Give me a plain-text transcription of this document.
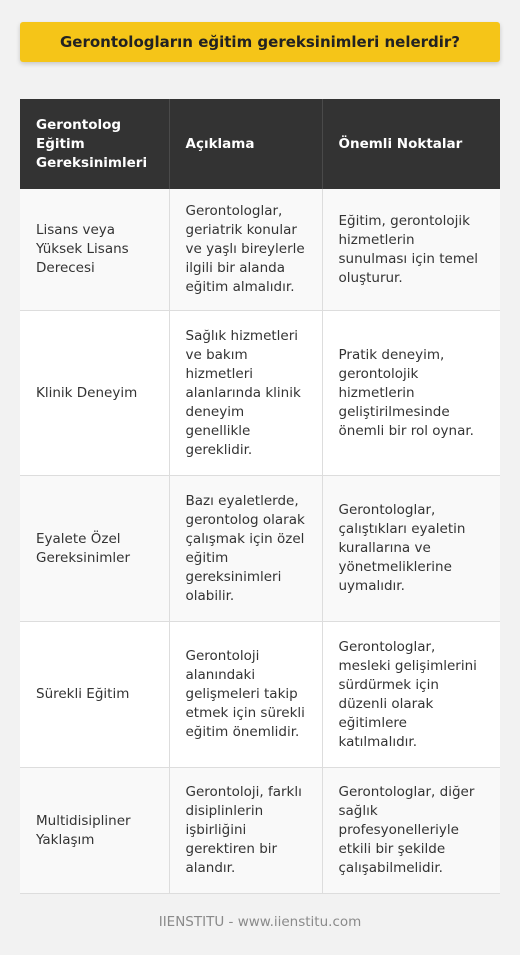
Gerontologların eğitim gereksinimleri nelerdir?
Gerontolog Eğitim Gereksinimleri	Açıklama	Önemli Noktalar
Lisans veya Yüksek Lisans Derecesi	Gerontologlar, geriatrik konular ve yaşlı bireylerle ilgili bir alanda eğitim almalıdır.	Eğitim, gerontolojik hizmetlerin sunulması için temel oluşturur.
Klinik Deneyim	Sağlık hizmetleri ve bakım hizmetleri alanlarında klinik deneyim genellikle gereklidir.	Pratik deneyim, gerontolojik hizmetlerin geliştirilmesinde önemli bir rol oynar.
Eyalete Özel Gereksinimler	Bazı eyaletlerde, gerontolog olarak çalışmak için özel eğitim gereksinimleri olabilir.	Gerontologlar, çalıştıkları eyaletin kurallarına ve yönetmeliklerine uymalıdır.
Sürekli Eğitim	Gerontoloji alanındaki gelişmeleri takip etmek için sürekli eğitim önemlidir.	Gerontologlar, mesleki gelişimlerini sürdürmek için düzenli olarak eğitimlere katılmalıdır.
Multidisipliner Yaklaşım	Gerontoloji, farklı disiplinlerin işbirliğini gerektiren bir alandır.	Gerontologlar, diğer sağlık profesyonelleriyle etkili bir şekilde çalışabilmelidir.
IIENSTITU - www.iienstitu.com
